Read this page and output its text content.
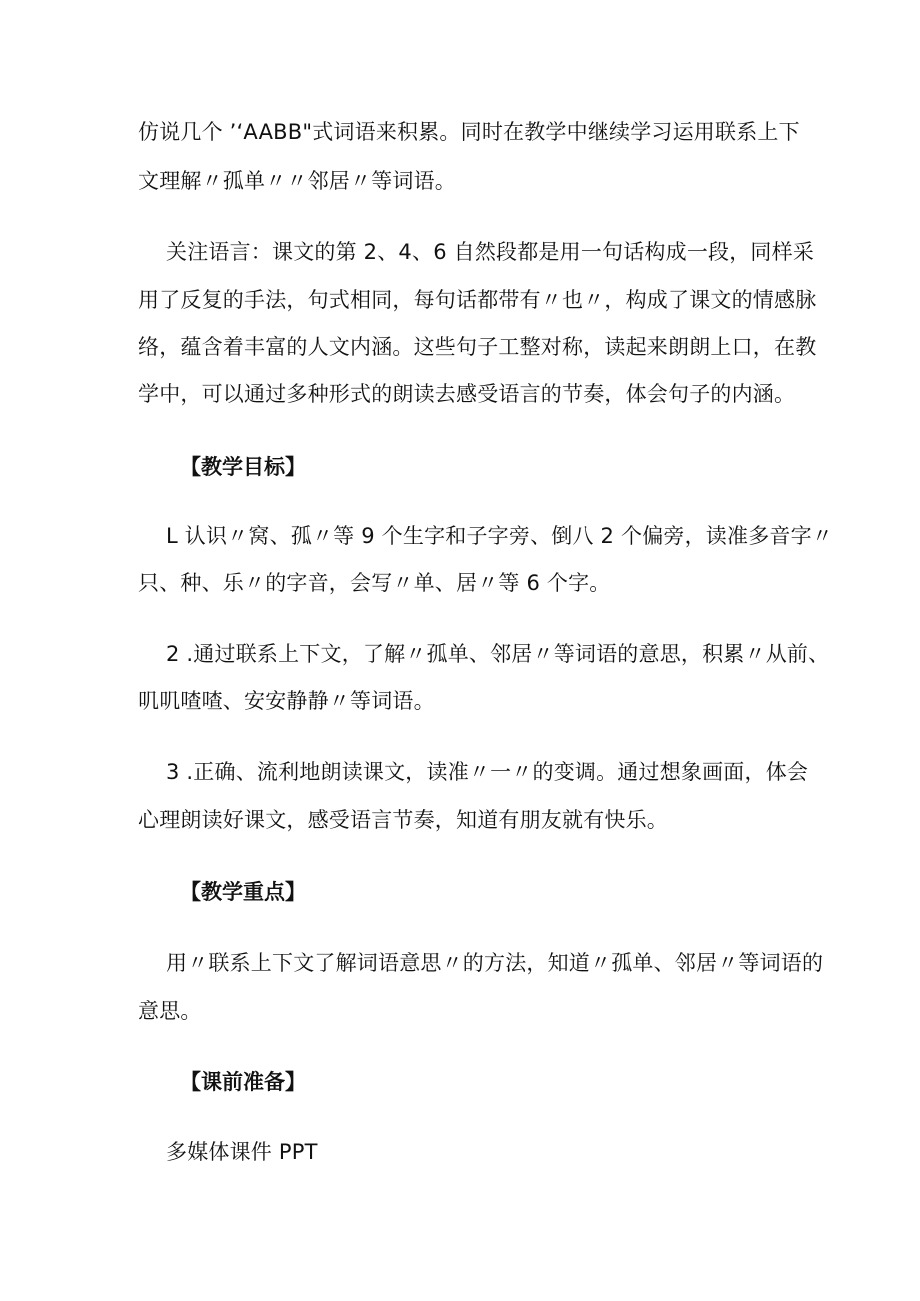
仿说几个 ’‘AABB"式词语来积累。同时在教学中继续学习运用联系上下
文理解〃孤单〃〃邻居〃等词语。
关注语言：课文的第 2、4、6 自然段都是用一句话构成一段，同样采
用了反复的手法，句式相同，每句话都带有〃也〃，构成了课文的情感脉
络，蕴含着丰富的人文内涵。这些句子工整对称，读起来朗朗上口，在教
学中，可以通过多种形式的朗读去感受语言的节奏，体会句子的内涵。
【教学目标】
L 认识〃窝、孤〃等 9 个生字和子字旁、倒八 2 个偏旁，读准多音字〃
只、种、乐〃的字音，会写〃单、居〃等 6 个字。
2 .通过联系上下文，了解〃孤单、邻居〃等词语的意思，积累〃从前、
叽叽喳喳、安安静静〃等词语。
3 .正确、流利地朗读课文，读准〃一〃的变调。通过想象画面，体会
心理朗读好课文，感受语言节奏，知道有朋友就有快乐。
【教学重点】
用〃联系上下文了解词语意思〃的方法，知道〃孤单、邻居〃等词语的
意思。
【课前准备】
多媒体课件 PPT
